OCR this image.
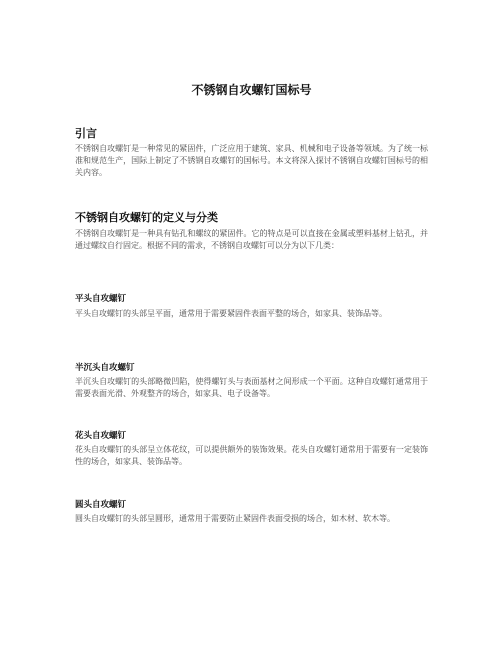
不锈钢自攻螺钉国标号
引言

不锈钢自攻螺钉是一种常见的紧固件，广泛应用于建筑、家具、机械和电子设备等领域。为了统一标准和规范生产，国际上制定了不锈钢自攻螺钉的国标号。本文将深入探讨不锈钢自攻螺钉国标号的相关内容。

不锈钢自攻螺钉的定义与分类

不锈钢自攻螺钉是一种具有钻孔和螺纹的紧固件。它的特点是可以直接在金属或塑料基材上钻孔，并通过螺纹自行固定。根据不同的需求，不锈钢自攻螺钉可以分为以下几类：

平头自攻螺钉

平头自攻螺钉的头部呈平面，通常用于需要紧固件表面平整的场合，如家具、装饰品等。

半沉头自攻螺钉

半沉头自攻螺钉的头部略微凹陷，使得螺钉头与表面基材之间形成一个平面。这种自攻螺钉通常用于需要表面光滑、外观整齐的场合，如家具、电子设备等。

花头自攻螺钉

花头自攻螺钉的头部呈立体花纹，可以提供额外的装饰效果。花头自攻螺钉通常用于需要有一定装饰性的场合，如家具、装饰品等。

圆头自攻螺钉

圆头自攻螺钉的头部呈圆形，通常用于需要防止紧固件表面受损的场合，如木材、软木等。
